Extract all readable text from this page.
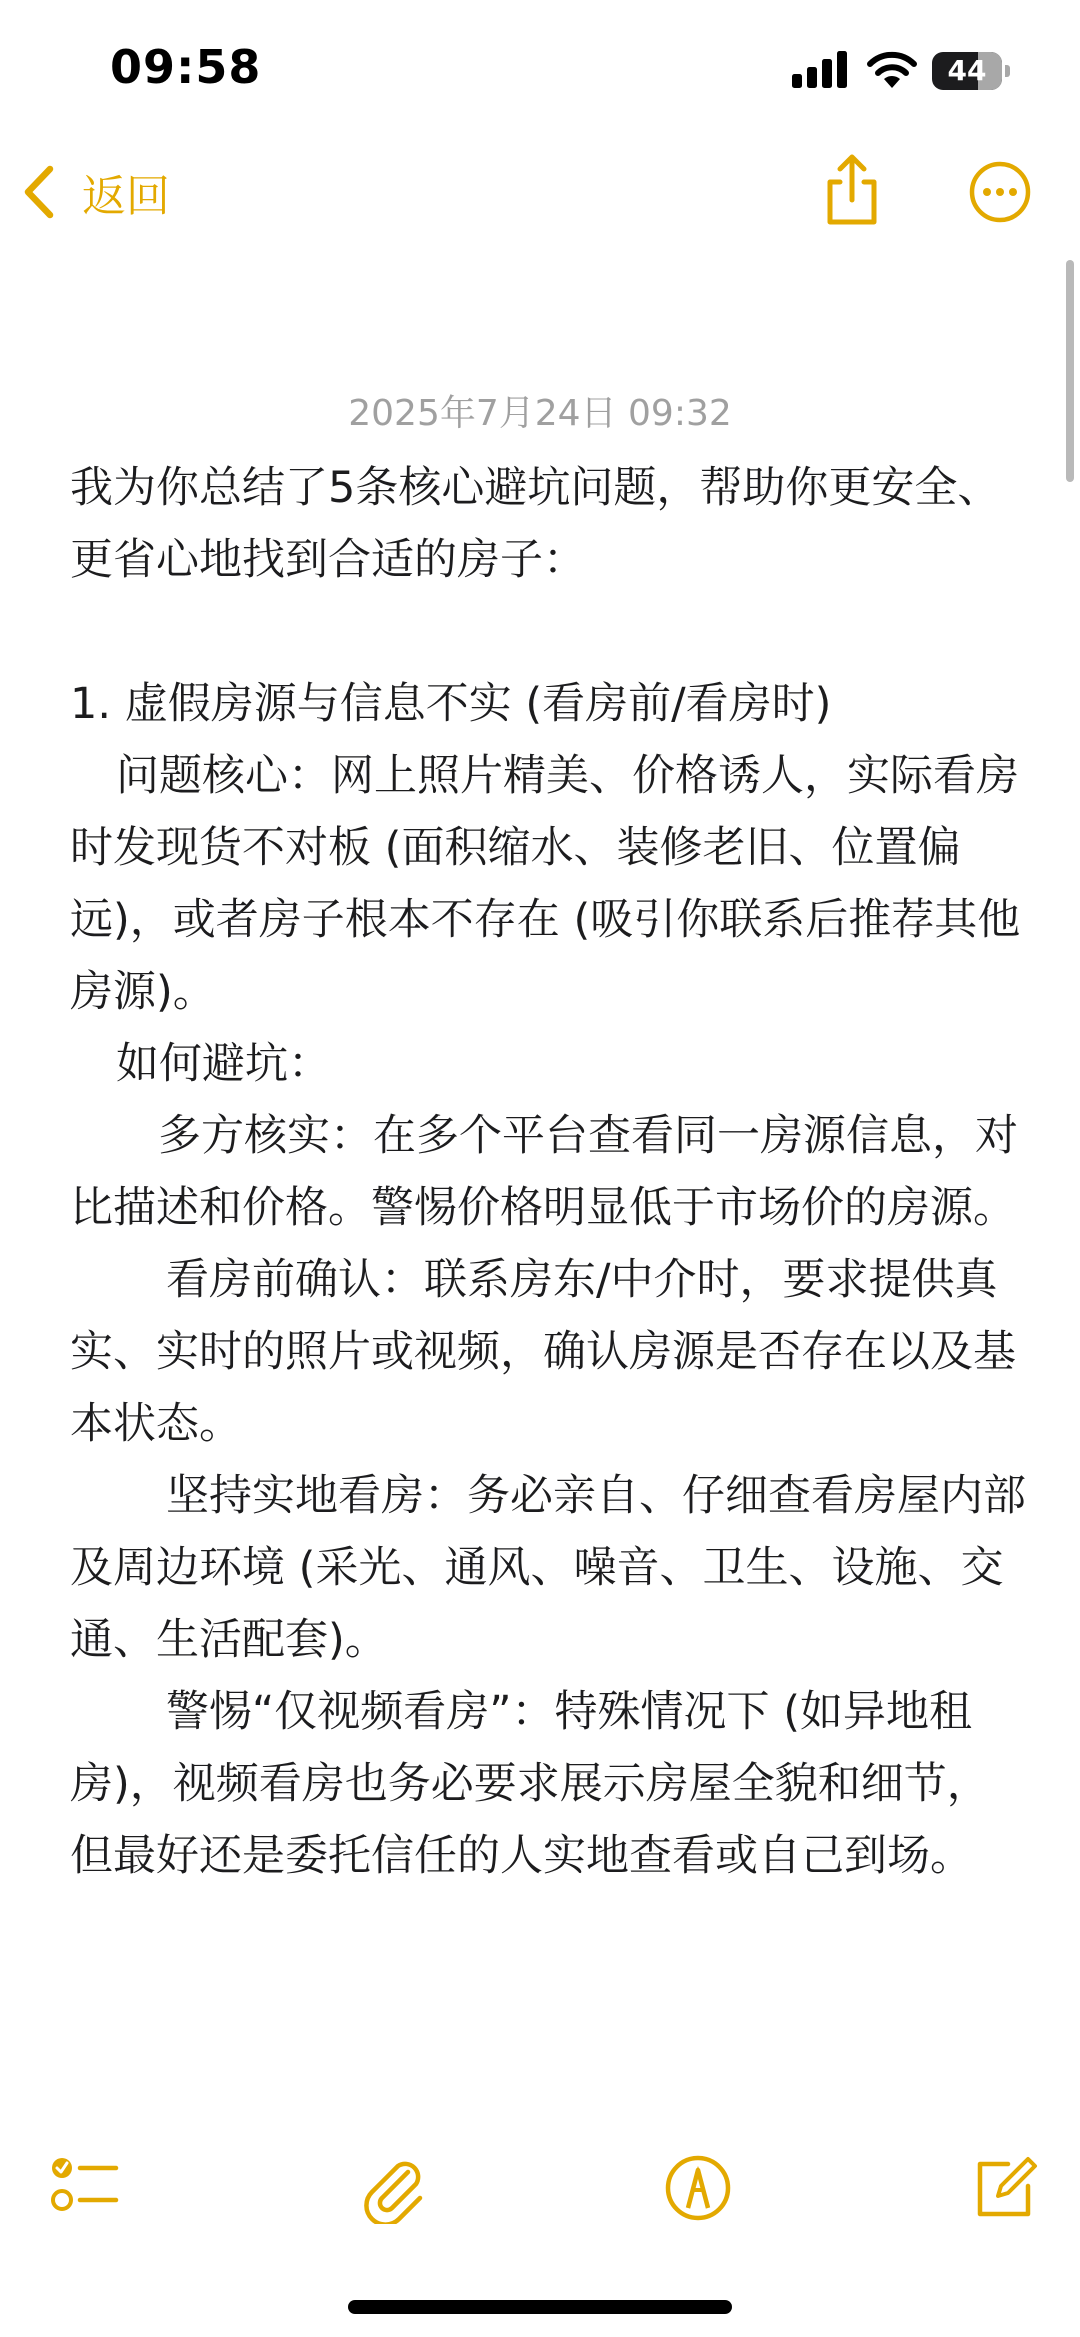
09:58	44
返回
2025年7月24日 09:32

我为你总结了5条核心避坑问题，帮助你更安全、更省心地找到合适的房子：

1. 虚假房源与信息不实 (看房前/看房时)

问题核心：网上照片精美、价格诱人，实际看房时发现货不对板 (面积缩水、装修老旧、位置偏远)，或者房子根本不存在 (吸引你联系后推荐其他房源)。

如何避坑：

多方核实：在多个平台查看同一房源信息，对比描述和价格。警惕价格明显低于市场价的房源。

看房前确认：联系房东/中介时，要求提供真实、实时的照片或视频，确认房源是否存在以及基本状态。

坚持实地看房：务必亲自、仔细查看房屋内部及周边环境 (采光、通风、噪音、卫生、设施、交通、生活配套)。

警惕“仅视频看房”：特殊情况下 (如异地租房)，视频看房也务必要求展示房屋全貌和细节，但最好还是委托信任的人实地查看或自己到场。
